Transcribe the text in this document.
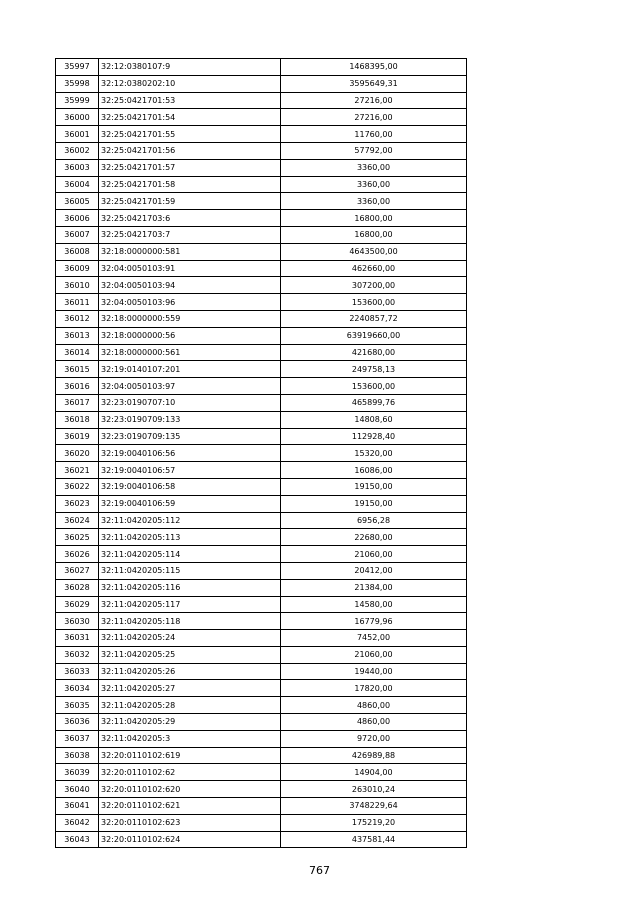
35997	32:12:0380107:9	1468395,00
35998	32:12:0380202:10	3595649,31
35999	32:25:0421701:53	27216,00
36000	32:25:0421701:54	27216,00
36001	32:25:0421701:55	11760,00
36002	32:25:0421701:56	57792,00
36003	32:25:0421701:57	3360,00
36004	32:25:0421701:58	3360,00
36005	32:25:0421701:59	3360,00
36006	32:25:0421703:6	16800,00
36007	32:25:0421703:7	16800,00
36008	32:18:0000000:581	4643500,00
36009	32:04:0050103:91	462660,00
36010	32:04:0050103:94	307200,00
36011	32:04:0050103:96	153600,00
36012	32:18:0000000:559	2240857,72
36013	32:18:0000000:56	63919660,00
36014	32:18:0000000:561	421680,00
36015	32:19:0140107:201	249758,13
36016	32:04:0050103:97	153600,00
36017	32:23:0190707:10	465899,76
36018	32:23:0190709:133	14808,60
36019	32:23:0190709:135	112928,40
36020	32:19:0040106:56	15320,00
36021	32:19:0040106:57	16086,00
36022	32:19:0040106:58	19150,00
36023	32:19:0040106:59	19150,00
36024	32:11:0420205:112	6956,28
36025	32:11:0420205:113	22680,00
36026	32:11:0420205:114	21060,00
36027	32:11:0420205:115	20412,00
36028	32:11:0420205:116	21384,00
36029	32:11:0420205:117	14580,00
36030	32:11:0420205:118	16779,96
36031	32:11:0420205:24	7452,00
36032	32:11:0420205:25	21060,00
36033	32:11:0420205:26	19440,00
36034	32:11:0420205:27	17820,00
36035	32:11:0420205:28	4860,00
36036	32:11:0420205:29	4860,00
36037	32:11:0420205:3	9720,00
36038	32:20:0110102:619	426989,88
36039	32:20:0110102:62	14904,00
36040	32:20:0110102:620	263010,24
36041	32:20:0110102:621	3748229,64
36042	32:20:0110102:623	175219,20
36043	32:20:0110102:624	437581,44
767
